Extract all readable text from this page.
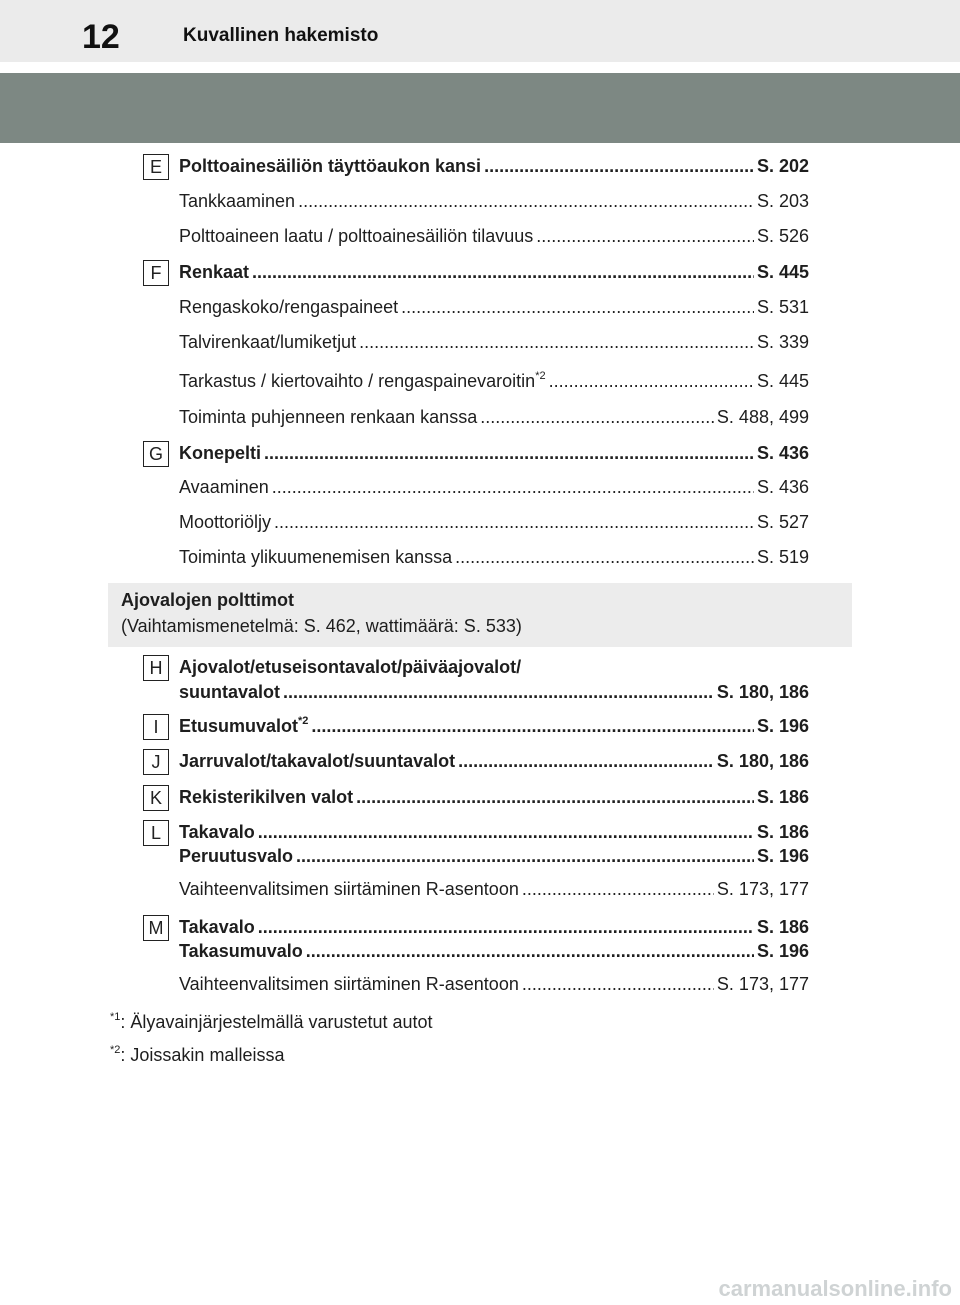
12	Kuvallinen hakemisto
Ajovalojen polttimot
(Vaihtamismenetelmä: S. 462, wattimäärä: S. 533)
E Polttoainesäiliön täyttöaukon kansi .....	S. 202
Tankkaaminen .....	S. 203
Polttoaineen laatu / polttoainesäiliön tilavuus .....	S. 526
F Renkaat .....	S. 445
Rengaskoko/rengaspaineet .....	S. 531
Talvirenkaat/lumiketjut .....	S. 339
Tarkastus / kiertovaihto / rengaspainevaroitin$^{*2}$ .....	S. 445
Toiminta puhjenneen renkaan kanssa .....	S. 488, 499
G Konepelti .....	S. 436
Avaaminen .....	S. 436
Moottoriöljy .....	S. 527
Toiminta ylikuumenemisen kanssa .....	S. 519
H Ajovalot/etuseisontavalot/päiväajovalot/
suuntavalot .....	S. 180, 186
I	Etusumuvalot$^{*2}$ .....	S. 196
J	Jarruvalot/takavalot/suuntavalot .....	S. 180, 186
K Rekisterikilven valot .....	S. 186
L	Takavalo .....	S. 186
Peruutusvalo .....	S. 196
Vaihteenvalitsimen siirtäminen R-asentoon .....	S. 173, 177
M Takavalo .....	S. 186
Takasumuvalo .....	S. 196
Vaihteenvalitsimen siirtäminen R-asentoon .....	S. 173, 177
$^{*1}$: Älyavainjärjestelmällä varustetut autot
$^{*2}$: Joissakin malleissa
carmanualsonline.info
